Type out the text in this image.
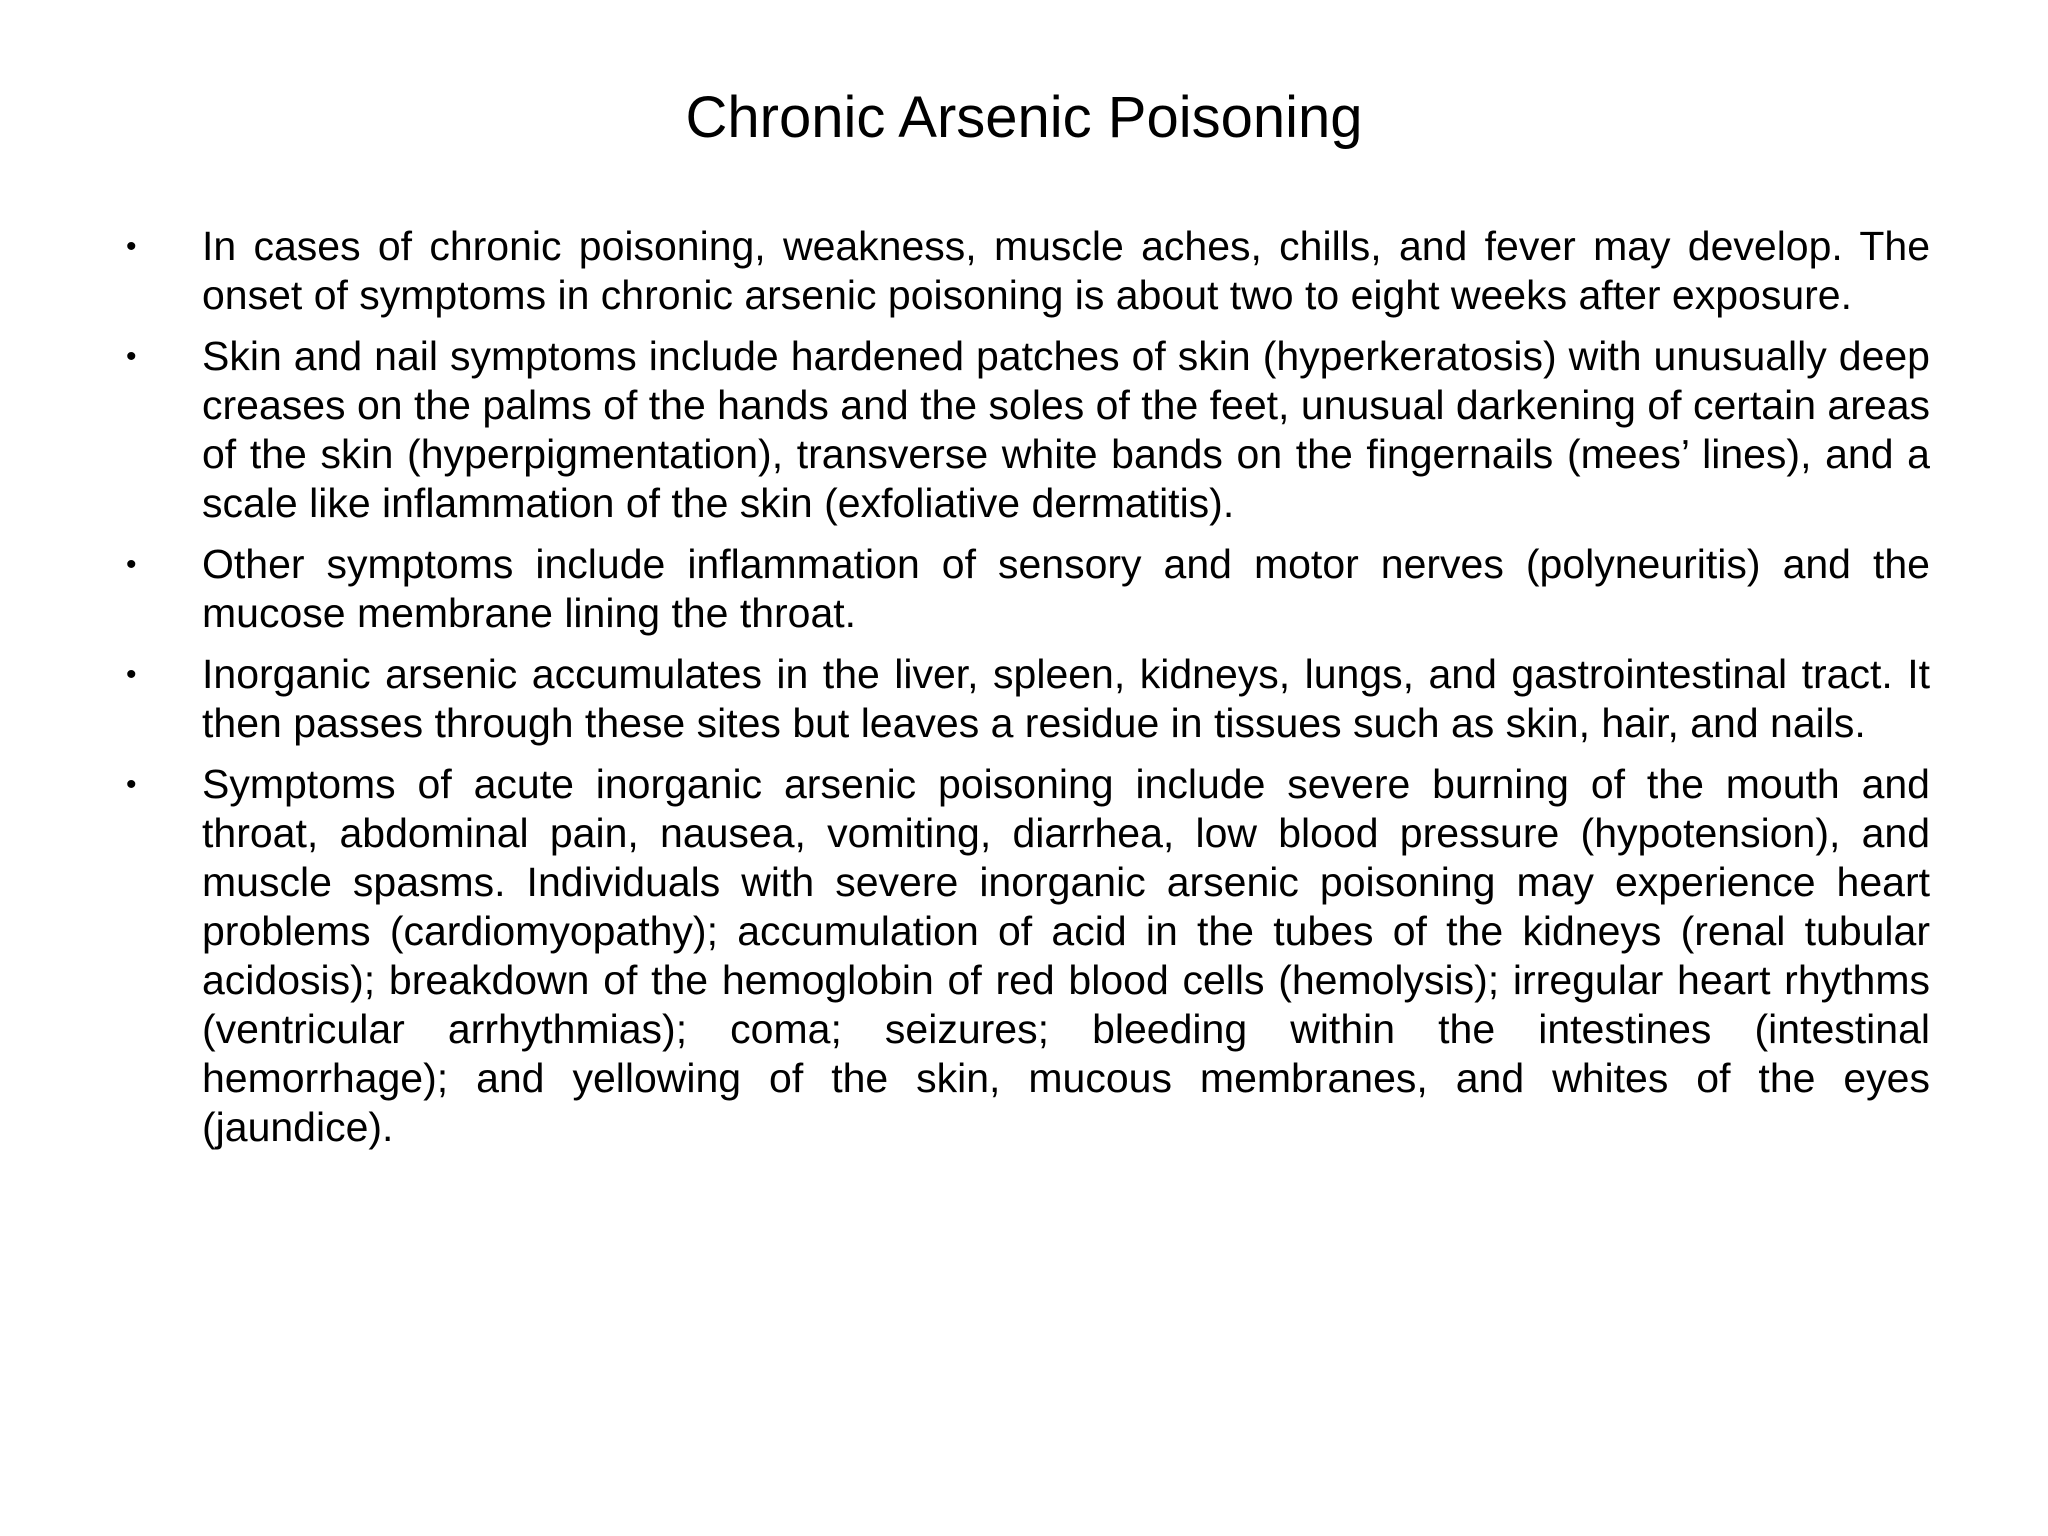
Chronic Arsenic Poisoning
•	In cases of chronic poisoning, weakness, muscle aches, chills, and fever may develop. The onset of symptoms in chronic arsenic poisoning is about two to eight weeks after exposure.
•	Skin and nail symptoms include hardened patches of skin (hyperkeratosis) with unusually deep creases on the palms of the hands and the soles of the feet, unusual darkening of certain areas of the skin (hyperpigmentation), transverse white bands on the fingernails (mees’ lines), and a scale like inflammation of the skin (exfoliative dermatitis).
•	Other symptoms include inflammation of sensory and motor nerves (polyneuritis) and the mucose membrane lining the throat.
•	Inorganic arsenic accumulates in the liver, spleen, kidneys, lungs, and gastrointestinal tract. It then passes through these sites but leaves a residue in tissues such as skin, hair, and nails.
•	Symptoms of acute inorganic arsenic poisoning include severe burning of the mouth and throat, abdominal pain, nausea, vomiting, diarrhea, low blood pressure (hypotension), and muscle spasms. Individuals with severe inorganic arsenic poisoning may experience heart problems (cardiomyopathy); accumulation of acid in the tubes of the kidneys (renal tubular acidosis); breakdown of the hemoglobin of red blood cells (hemolysis); irregular heart rhythms (ventricular arrhythmias); coma; seizures; bleeding within the intestines (intestinal hemorrhage); and yellowing of the skin, mucous membranes, and whites of the eyes (jaundice).
